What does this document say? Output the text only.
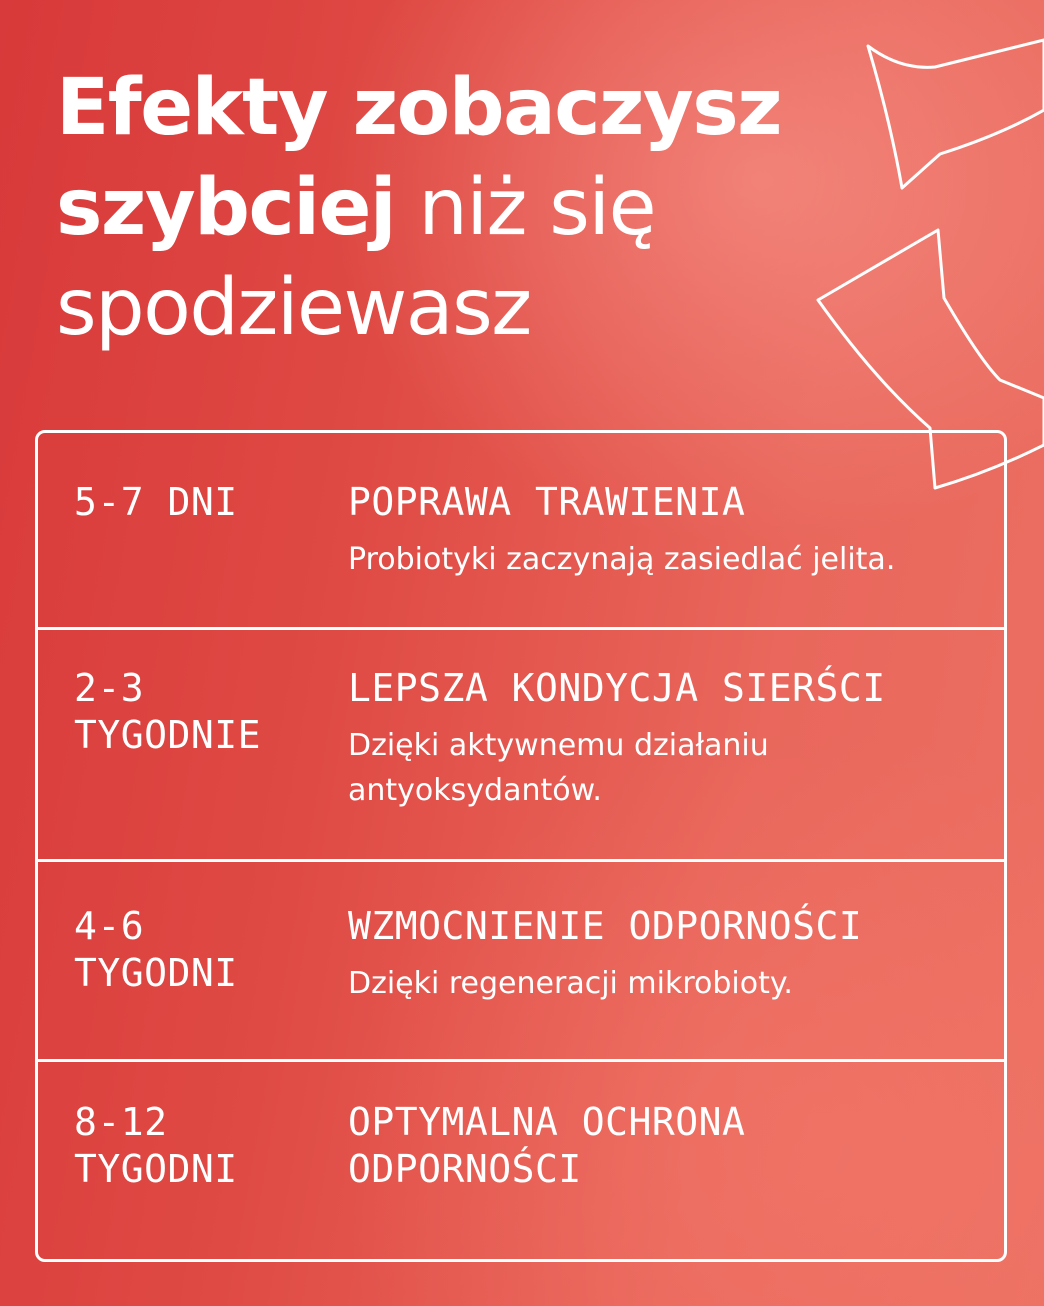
Efekty zobaczysz
szybciej niż się
spodziewasz
5-7 DNI	POPRAWA TRAWIENIA
Probiotyki zaczynają zasiedlać jelita.
2-3
TYGODNIE
LEPSZA KONDYCJA SIERŚCI
Dzięki aktywnemu działaniu
antyoksydantów.
4-6
TYGODNI
WZMOCNIENIE ODPORNOŚCI
Dzięki regeneracji mikrobioty.
8-12
TYGODNI
OPTYMALNA OCHRONA
ODPORNOŚCI
